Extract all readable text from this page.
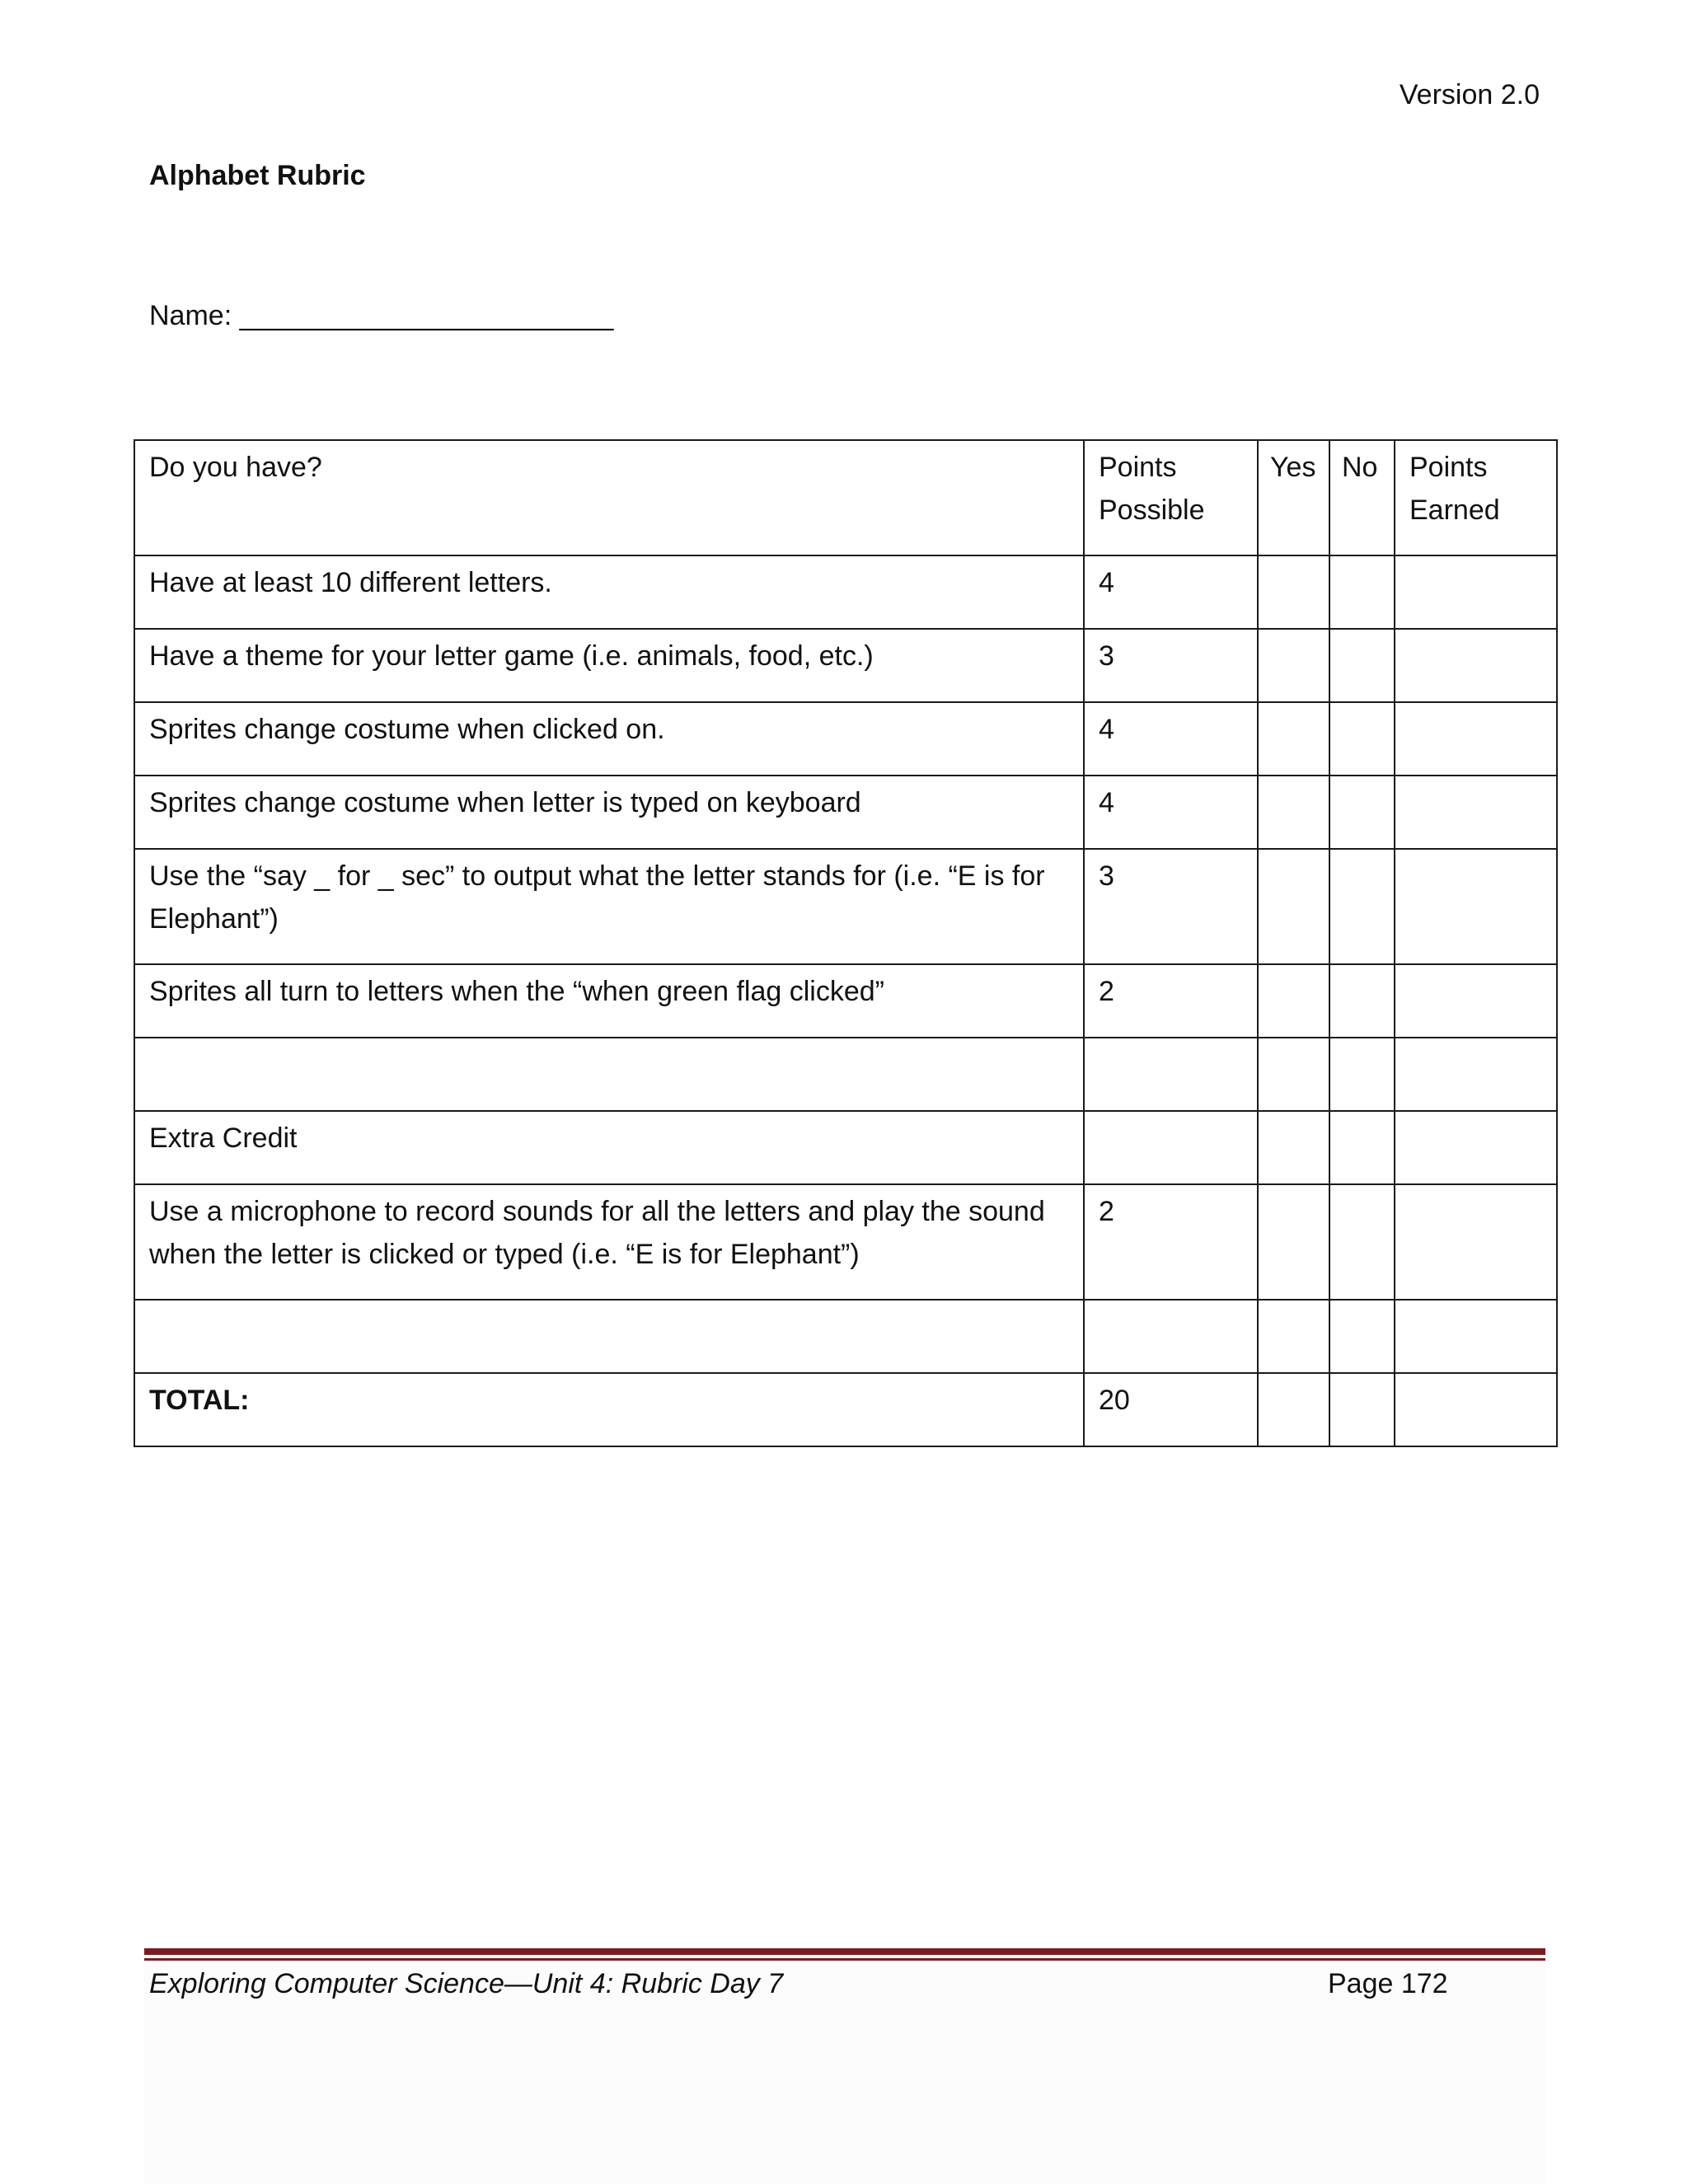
Version 2.0
Alphabet Rubric
Name: ________________________
Do you have?	Points Possible	Yes	No	Points Earned
Have at least 10 different letters.	4			
Have a theme for your letter game (i.e. animals, food, etc.)	3			
Sprites change costume when clicked on.	4			
Sprites change costume when letter is typed on keyboard	4			
Use the “say _ for _ sec” to output what the letter stands for (i.e. “E is for Elephant”)	3			
Sprites all turn to letters when the “when green flag clicked”	2			

Extra Credit				
Use a microphone to record sounds for all the letters and play the sound when the letter is clicked or typed (i.e. “E is for Elephant”)	2			

TOTAL:	20			
Exploring Computer Science—Unit 4: Rubric Day 7	Page 172
